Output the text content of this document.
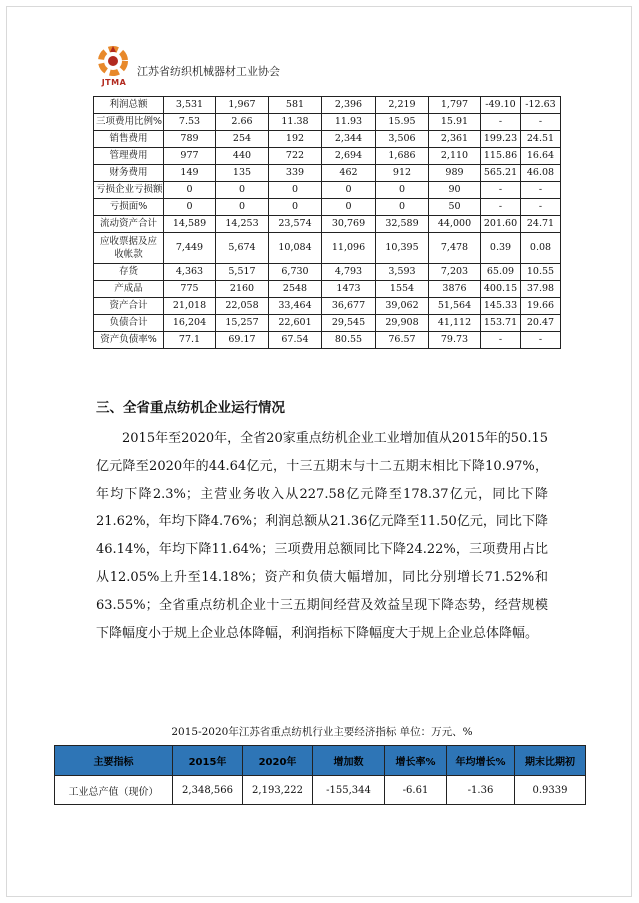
JTMA
江苏省纺织机械器材工业协会
利润总额	3,531	1,967	581	2,396	2,219	1,797	-49.10	-12.63
三项费用比例%	7.53	2.66	11.38	11.93	15.95	15.91	-	-
销售费用	789	254	192	2,344	3,506	2,361	199.23	24.51
管理费用	977	440	722	2,694	1,686	2,110	115.86	16.64
财务费用	149	135	339	462	912	989	565.21	46.08
亏损企业亏损额	0	0	0	0	0	90	-	-
亏损面%	0	0	0	0	0	50	-	-
流动资产合计	14,589	14,253	23,574	30,769	32,589	44,000	201.60	24.71
应收票据及应收帐款	7,449	5,674	10,084	11,096	10,395	7,478	0.39	0.08
存货	4,363	5,517	6,730	4,793	3,593	7,203	65.09	10.55
产成品	775	2160	2548	1473	1554	3876	400.15	37.98
资产合计	21,018	22,058	33,464	36,677	39,062	51,564	145.33	19.66
负债合计	16,204	15,257	22,601	29,545	29,908	41,112	153.71	20.47
资产负债率%	77.1	69.17	67.54	80.55	76.57	79.73	-	-
三、全省重点纺机企业运行情况

2015年至2020年，全省20家重点纺机企业工业增加值从2015年的50.15亿元降至2020年的44.64亿元，十三五期末与十二五期末相比下降10.97%，年均下降2.3%；主营业务收入从227.58亿元降至178.37亿元，同比下降21.62%，年均下降4.76%；利润总额从21.36亿元降至11.50亿元，同比下降46.14%，年均下降11.64%；三项费用总额同比下降24.22%，三项费用占比从12.05%上升至14.18%；资产和负债大幅增加，同比分别增长71.52%和63.55%；全省重点纺机企业十三五期间经营及效益呈现下降态势，经营规模下降幅度小于规上企业总体降幅，利润指标下降幅度大于规上企业总体降幅。

2015-2020年江苏省重点纺机行业主要经济指标 单位：万元、%
主要指标	2015年	2020年	增加数	增长率%	年均增长%	期末比期初
工业总产值（现价）	2,348,566	2,193,222	-155,344	-6.61	-1.36	0.9339
